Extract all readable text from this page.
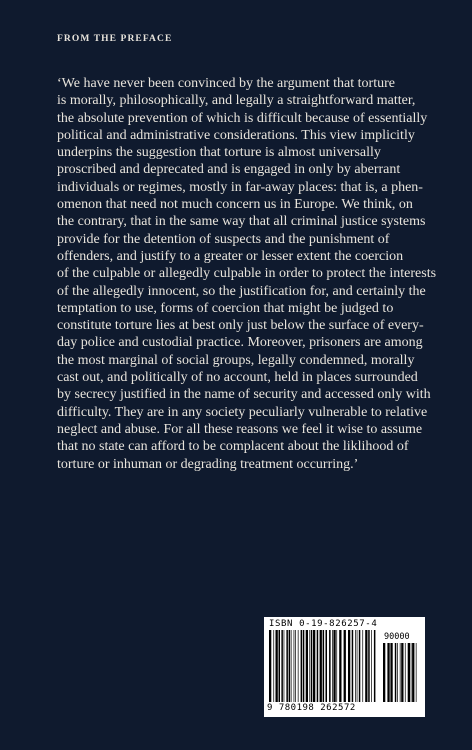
FROM THE PREFACE
‘We have never been convinced by the argument that torture
is morally, philosophically, and legally a straightforward matter,
the absolute prevention of which is difficult because of essentially
political and administrative considerations. This view implicitly
underpins the suggestion that torture is almost universally
proscribed and deprecated and is engaged in only by aberrant
individuals or regimes, mostly in far-away places: that is, a phen-
omenon that need not much concern us in Europe. We think, on
the contrary, that in the same way that all criminal justice systems
provide for the detention of suspects and the punishment of
offenders, and justify to a greater or lesser extent the coercion
of the culpable or allegedly culpable in order to protect the interests
of the allegedly innocent, so the justification for, and certainly the
temptation to use, forms of coercion that might be judged to
constitute torture lies at best only just below the surface of every-
day police and custodial practice. Moreover, prisoners are among
the most marginal of social groups, legally condemned, morally
cast out, and politically of no account, held in places surrounded
by secrecy justified in the name of security and accessed only with
difficulty. They are in any society peculiarly vulnerable to relative
neglect and abuse. For all these reasons we feel it wise to assume
that no state can afford to be complacent about the liklihood of
torture or inhuman or degrading treatment occurring.’
ISBN 0-19-826257-4
90000
9 780198 262572
